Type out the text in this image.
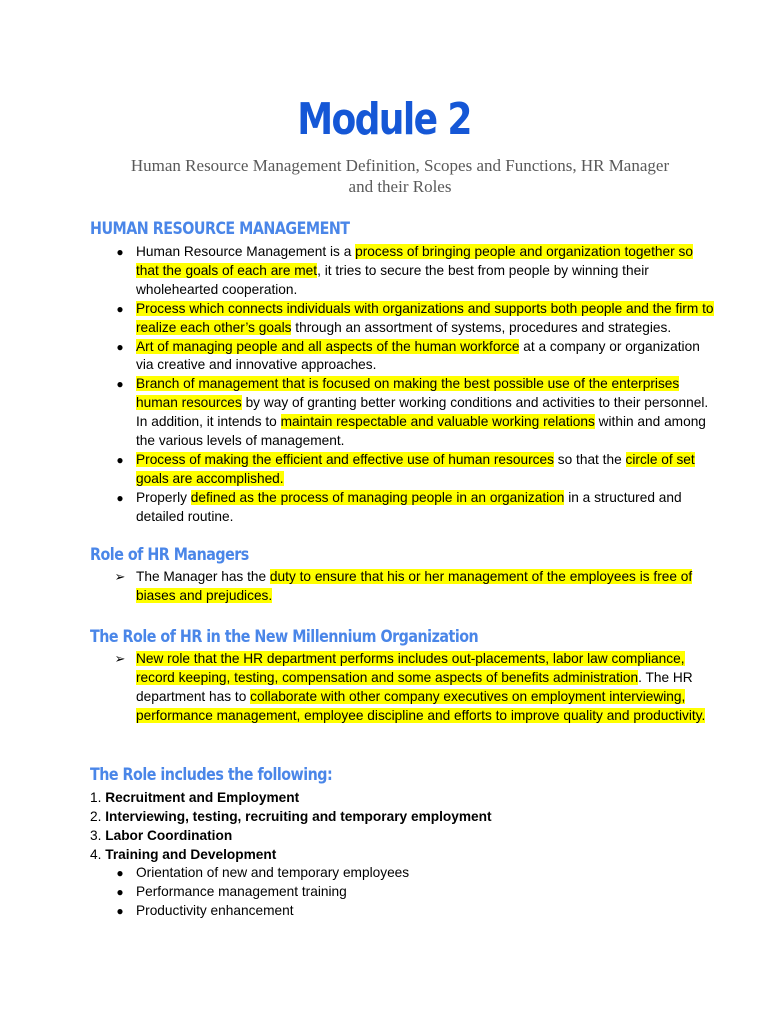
Module 2
Human Resource Management Definition, Scopes and Functions, HR Manager
and their Roles
HUMAN RESOURCE MANAGEMENT
● Human Resource Management is a process of bringing people and organization together so that the goals of each are met, it tries to secure the best from people by winning their wholehearted cooperation.
● Process which connects individuals with organizations and supports both people and the firm to realize each other’s goals through an assortment of systems, procedures and strategies.
● Art of managing people and all aspects of the human workforce at a company or organization via creative and innovative approaches.
● Branch of management that is focused on making the best possible use of the enterprises human resources by way of granting better working conditions and activities to their personnel. In addition, it intends to maintain respectable and valuable working relations within and among the various levels of management.
● Process of making the efficient and effective use of human resources so that the circle of set goals are accomplished.
● Properly defined as the process of managing people in an organization in a structured and detailed routine.
Role of HR Managers
➢ The Manager has the duty to ensure that his or her management of the employees is free of biases and prejudices.
The Role of HR in the New Millennium Organization
➢ New role that the HR department performs includes out-placements, labor law compliance, record keeping, testing, compensation and some aspects of benefits administration. The HR department has to collaborate with other company executives on employment interviewing, performance management, employee discipline and efforts to improve quality and productivity.
The Role includes the following:
1. Recruitment and Employment
2. Interviewing, testing, recruiting and temporary employment
3. Labor Coordination
4. Training and Development
● Orientation of new and temporary employees
● Performance management training
● Productivity enhancement
